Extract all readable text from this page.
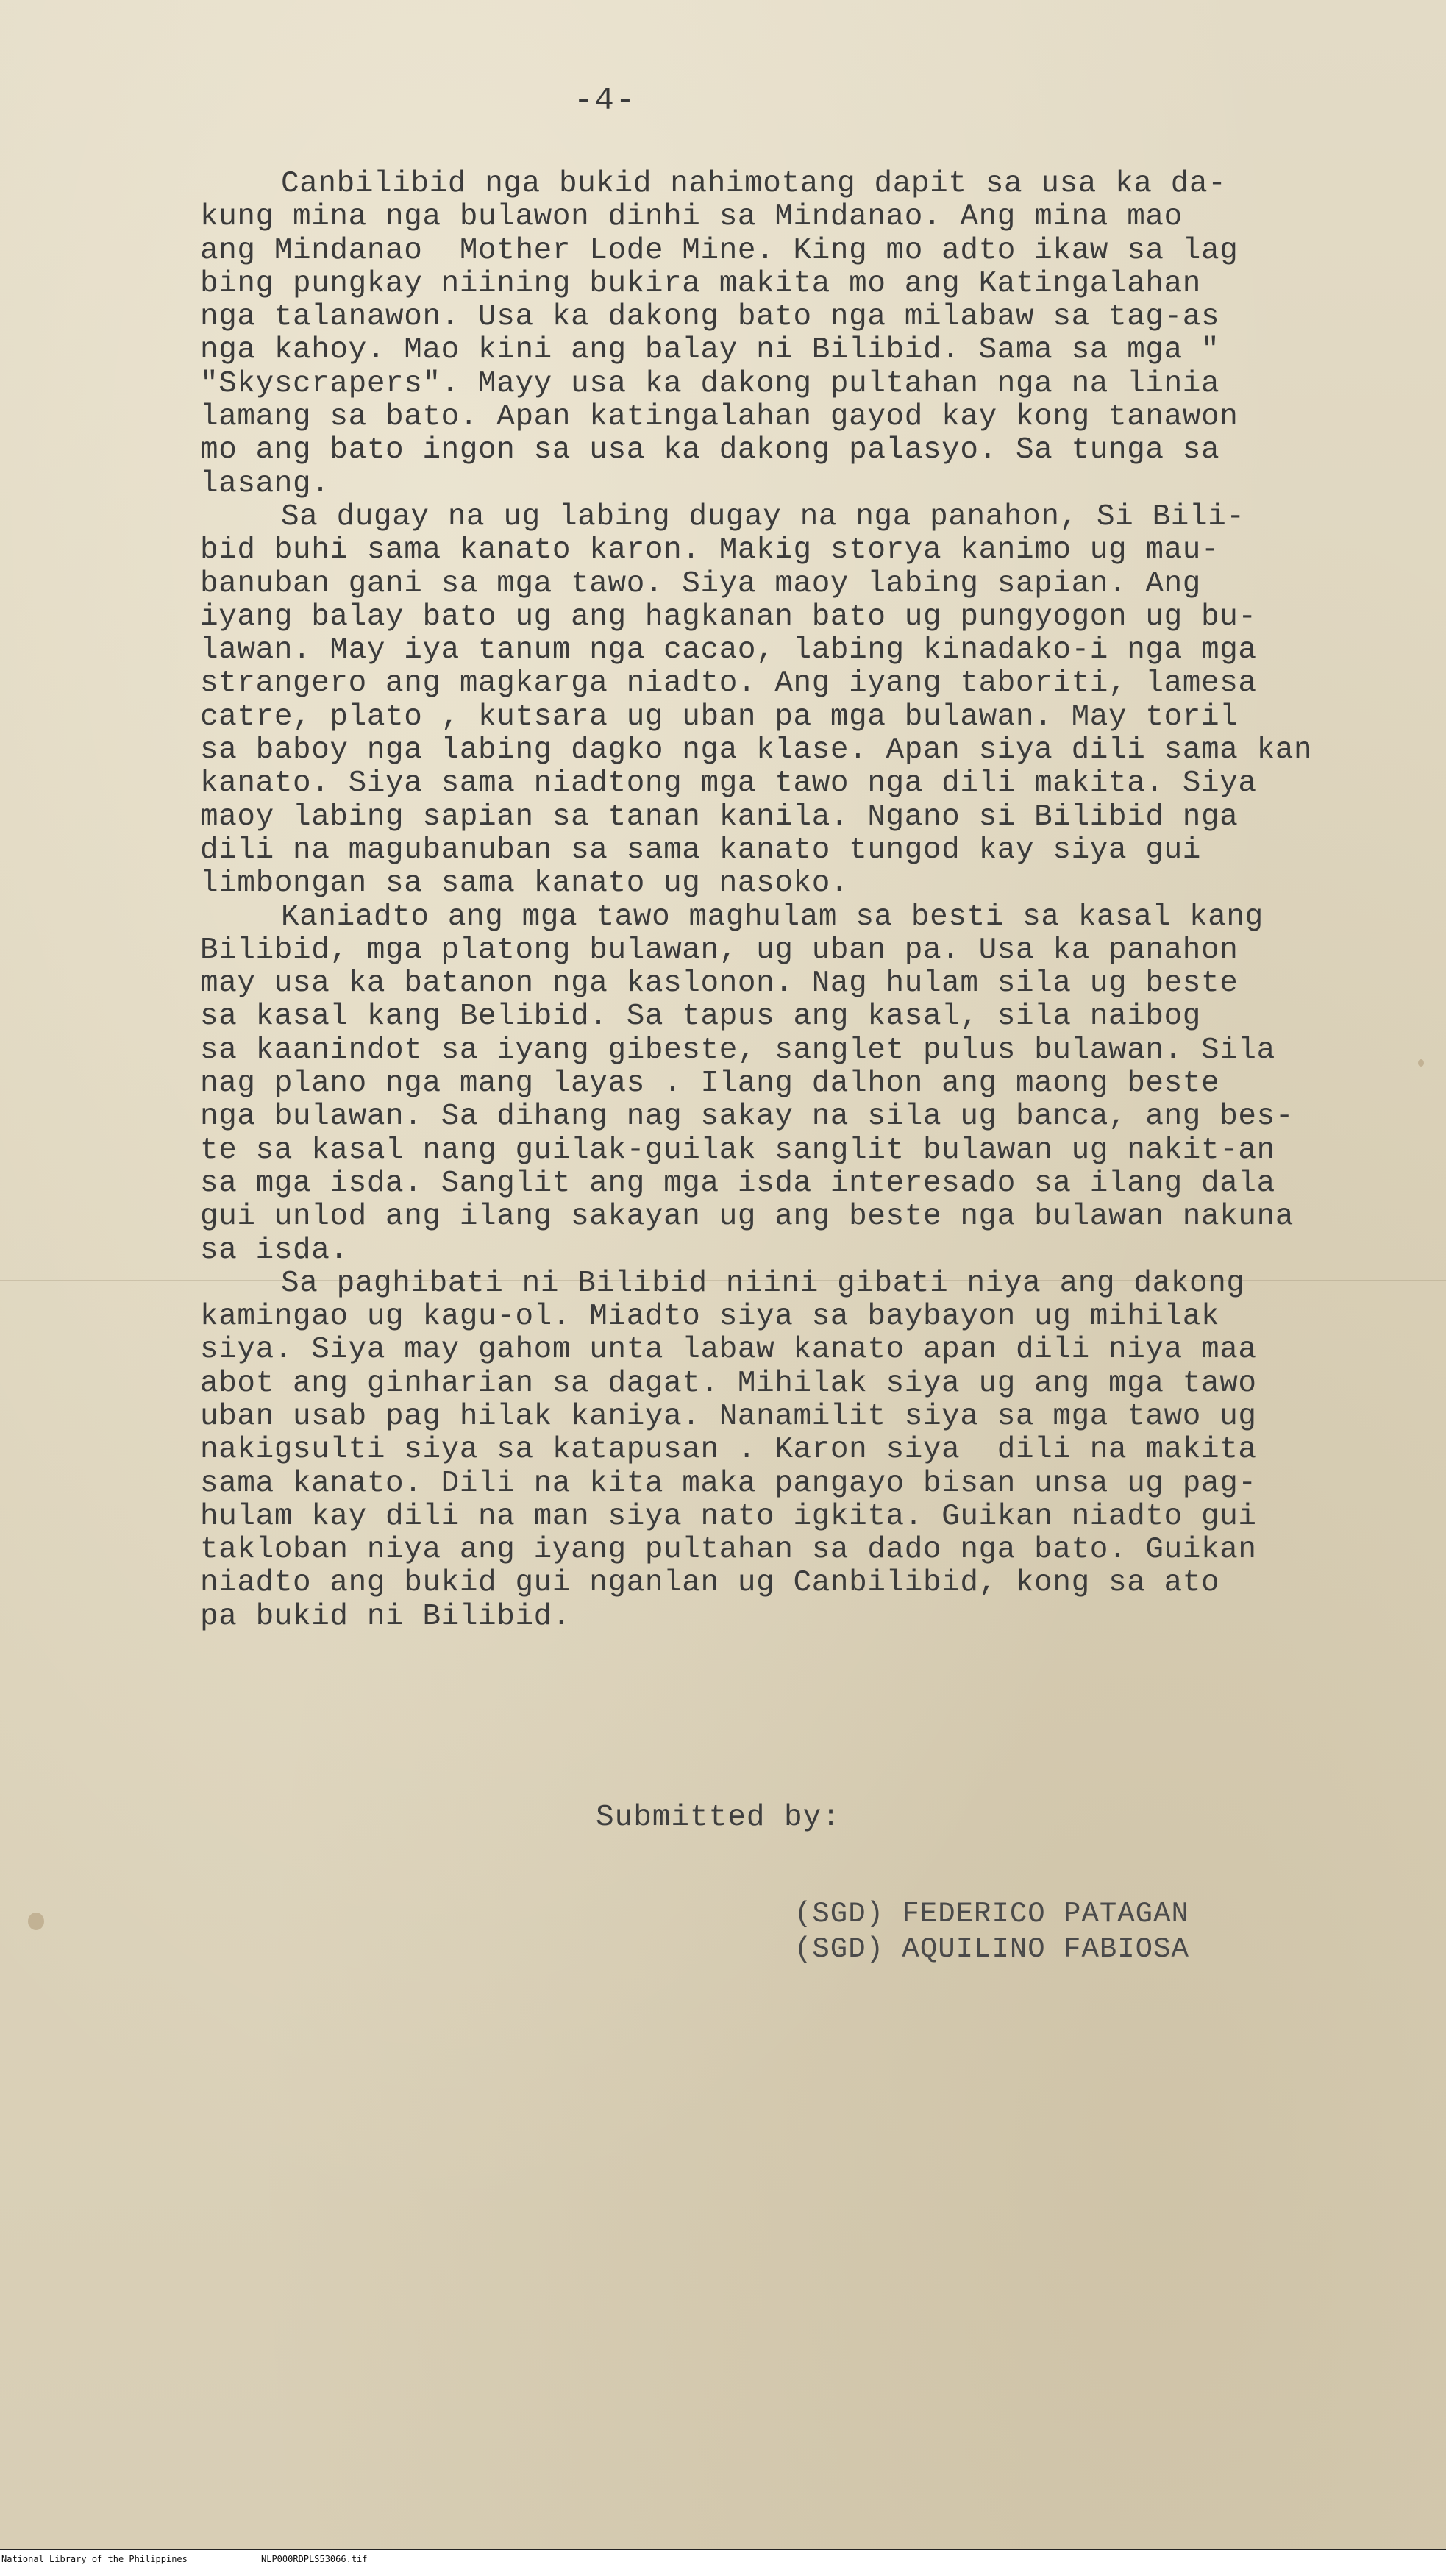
-4-

Canbilibid nga bukid nahimotang dapit sa usa ka da-
kung mina nga bulawon dinhi sa Mindanao. Ang mina mao
ang Mindanao  Mother Lode Mine. King mo adto ikaw sa lag
bing pungkay niining bukira makita mo ang Katingalahan
nga talanawon. Usa ka dakong bato nga milabaw sa tag-as
nga kahoy. Mao kini ang balay ni Bilibid. Sama sa mga "
"Skyscrapers". Mayy usa ka dakong pultahan nga na linia
lamang sa bato. Apan katingalahan gayod kay kong tanawon
mo ang bato ingon sa usa ka dakong palasyo. Sa tunga sa
lasang.
Sa dugay na ug labing dugay na nga panahon, Si Bili-
bid buhi sama kanato karon. Makig storya kanimo ug mau-
banuban gani sa mga tawo. Siya maoy labing sapian. Ang
iyang balay bato ug ang hagkanan bato ug pungyogon ug bu-
lawan. May iya tanum nga cacao, labing kinadako-i nga mga
strangero ang magkarga niadto. Ang iyang taboriti, lamesa
catre, plato , kutsara ug uban pa mga bulawan. May toril
sa baboy nga labing dagko nga klase. Apan siya dili sama kan
kanato. Siya sama niadtong mga tawo nga dili makita. Siya
maoy labing sapian sa tanan kanila. Ngano si Bilibid nga
dili na magubanuban sa sama kanato tungod kay siya gui
limbongan sa sama kanato ug nasoko.
Kaniadto ang mga tawo maghulam sa besti sa kasal kang
Bilibid, mga platong bulawan, ug uban pa. Usa ka panahon
may usa ka batanon nga kaslonon. Nag hulam sila ug beste
sa kasal kang Belibid. Sa tapus ang kasal, sila naibog
sa kaanindot sa iyang gibeste, sanglet pulus bulawan. Sila
nag plano nga mang layas . Ilang dalhon ang maong beste
nga bulawan. Sa dihang nag sakay na sila ug banca, ang bes-
te sa kasal nang guilak-guilak sanglit bulawan ug nakit-an
sa mga isda. Sanglit ang mga isda interesado sa ilang dala
gui unlod ang ilang sakayan ug ang beste nga bulawan nakuna
sa isda.
Sa paghibati ni Bilibid niini gibati niya ang dakong
kamingao ug kagu-ol. Miadto siya sa baybayon ug mihilak
siya. Siya may gahom unta labaw kanato apan dili niya maa
abot ang ginharian sa dagat. Mihilak siya ug ang mga tawo
uban usab pag hilak kaniya. Nanamilit siya sa mga tawo ug
nakigsulti siya sa katapusan . Karon siya  dili na makita
sama kanato. Dili na kita maka pangayo bisan unsa ug pag-
hulam kay dili na man siya nato igkita. Guikan niadto gui
takloban niya ang iyang pultahan sa dado nga bato. Guikan
niadto ang bukid gui nganlan ug Canbilibid, kong sa ato
pa bukid ni Bilibid.

Submitted by:

(SGD) FEDERICO PATAGAN
(SGD) AQUILINO FABIOSA
National Library of the Philippines	NLP000RDPLS53066.tif
